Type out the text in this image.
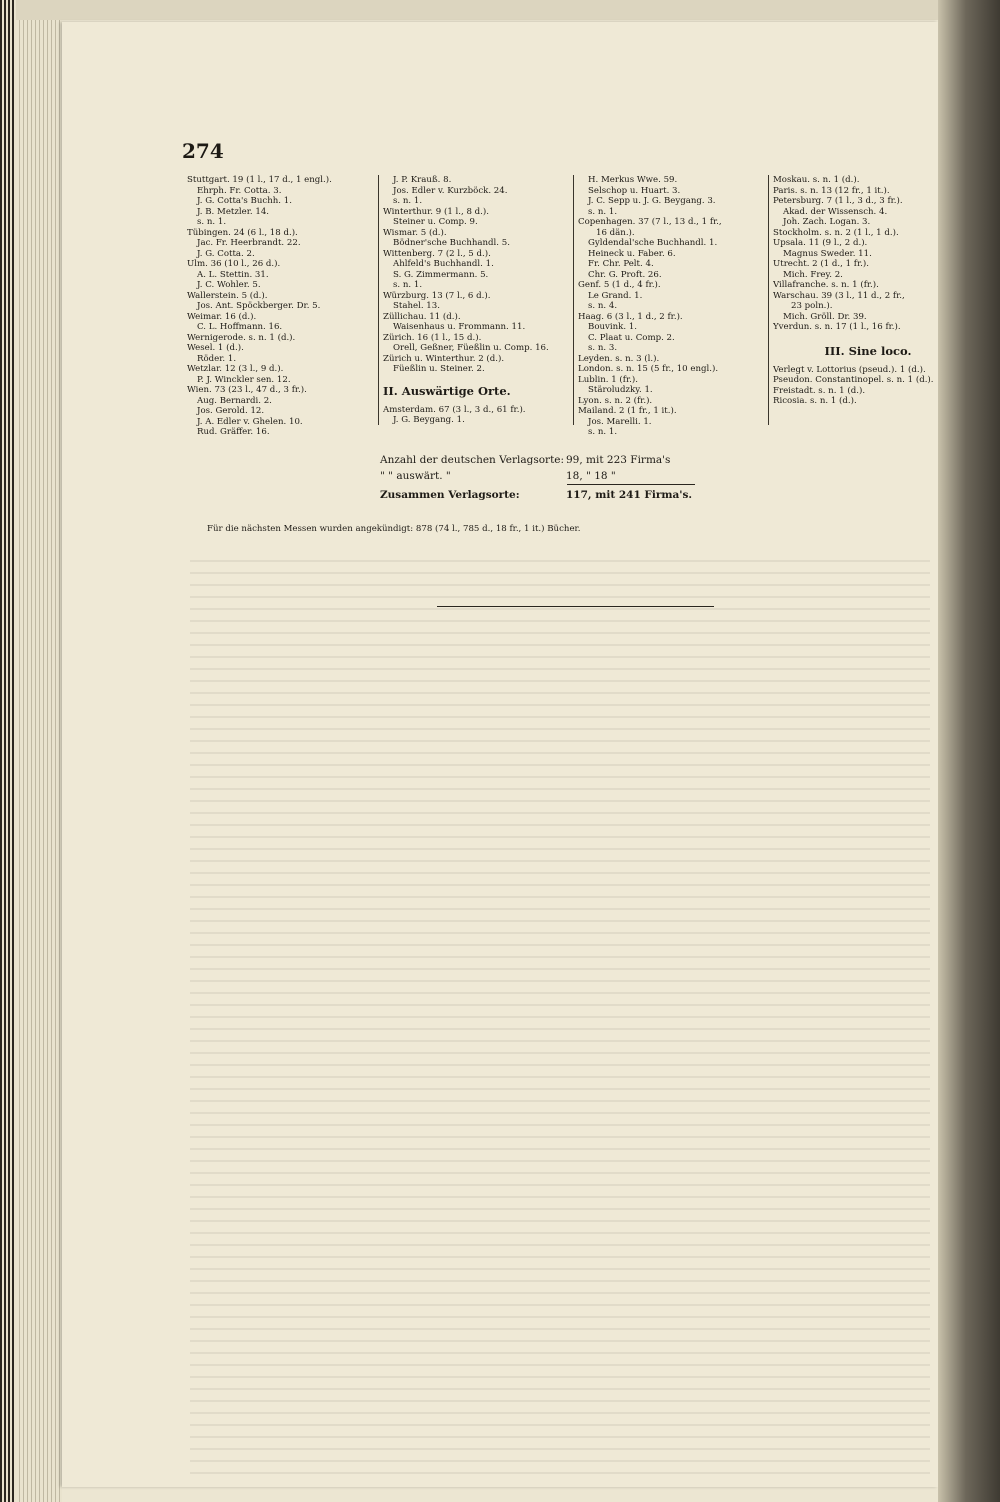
274
Stuttgart. 19 (1 l., 17 d., 1 engl.).
Ehrph. Fr. Cotta. 3.
J. G. Cotta's Buchh. 1.
J. B. Metzler. 14.
s. n. 1.
Tübingen. 24 (6 l., 18 d.).
Jac. Fr. Heerbrandt. 22.
J. G. Cotta. 2.
Ulm. 36 (10 l., 26 d.).
A. L. Stettin. 31.
J. C. Wohler. 5.
Wallerstein. 5 (d.).
Jos. Ant. Spöckberger. Dr. 5.
Weimar. 16 (d.).
C. L. Hoffmann. 16.
Wernigerode. s. n. 1 (d.).
Wesel. 1 (d.).
Röder. 1.
Wetzlar. 12 (3 l., 9 d.).
P. J. Winckler sen. 12.
Wien. 73 (23 l., 47 d., 3 fr.).
Aug. Bernardi. 2.
Jos. Gerold. 12.
J. A. Edler v. Ghelen. 10.
Rud. Gräffer. 16.
J. P. Krauß. 8.
Jos. Edler v. Kurzböck. 24.
s. n. 1.
Winterthur. 9 (1 l., 8 d.).
Steiner u. Comp. 9.
Wismar. 5 (d.).
Bödner'sche Buchhandl. 5.
Wittenberg. 7 (2 l., 5 d.).
Ahlfeld's Buchhandl. 1.
S. G. Zimmermann. 5.
s. n. 1.
Würzburg. 13 (7 l., 6 d.).
Stahel. 13.
Züllichau. 11 (d.).
Waisenhaus u. Frommann. 11.
Zürich. 16 (1 l., 15 d.).
Orell, Geßner, Füeßlin u. Comp. 16.
Zürich u. Winterthur. 2 (d.).
Füeßlin u. Steiner. 2.
II. Auswärtige Orte.
Amsterdam. 67 (3 l., 3 d., 61 fr.).
J. G. Beygang. 1.
H. Merkus Wwe. 59.
Selschop u. Huart. 3.
J. C. Sepp u. J. G. Beygang. 3.
s. n. 1.
Copenhagen. 37 (7 l., 13 d., 1 fr.,
16 dän.).
Gyldendal'sche Buchhandl. 1.
Heineck u. Faber. 6.
Fr. Chr. Pelt. 4.
Chr. G. Proft. 26.
Genf. 5 (1 d., 4 fr.).
Le Grand. 1.
s. n. 4.
Haag. 6 (3 l., 1 d., 2 fr.).
Bouvink. 1.
C. Plaat u. Comp. 2.
s. n. 3.
Leyden. s. n. 3 (l.).
London. s. n. 15 (5 fr., 10 engl.).
Lublin. 1 (fr.).
Stäroludzky. 1.
Lyon. s. n. 2 (fr.).
Mailand. 2 (1 fr., 1 it.).
Jos. Marelli. 1.
s. n. 1.
Moskau. s. n. 1 (d.).
Paris. s. n. 13 (12 fr., 1 it.).
Petersburg. 7 (1 l., 3 d., 3 fr.).
Akad. der Wissensch. 4.
Joh. Zach. Logan. 3.
Stockholm. s. n. 2 (1 l., 1 d.).
Upsala. 11 (9 l., 2 d.).
Magnus Sweder. 11.
Utrecht. 2 (1 d., 1 fr.).
Mich. Frey. 2.
Villafranche. s. n. 1 (fr.).
Warschau. 39 (3 l., 11 d., 2 fr.,
23 poln.).
Mich. Gröll. Dr. 39.
Yverdun. s. n. 17 (1 l., 16 fr.).
III. Sine loco.
Verlegt v. Lottorius (pseud.). 1 (d.).
Pseudon. Constantinopel. s. n. 1 (d.).
Freistadt. s. n. 1 (d.).
Ricosia. s. n. 1 (d.).
Anzahl der deutschen Verlagsorte: 99, mit 223 Firma's
" " auswärt. "	18, " 18 "
Zusammen Verlagsorte:	117, mit 241 Firma's.
Für die nächsten Messen wurden angekündigt: 878 (74 l., 785 d., 18 fr., 1 it.) Bücher.
